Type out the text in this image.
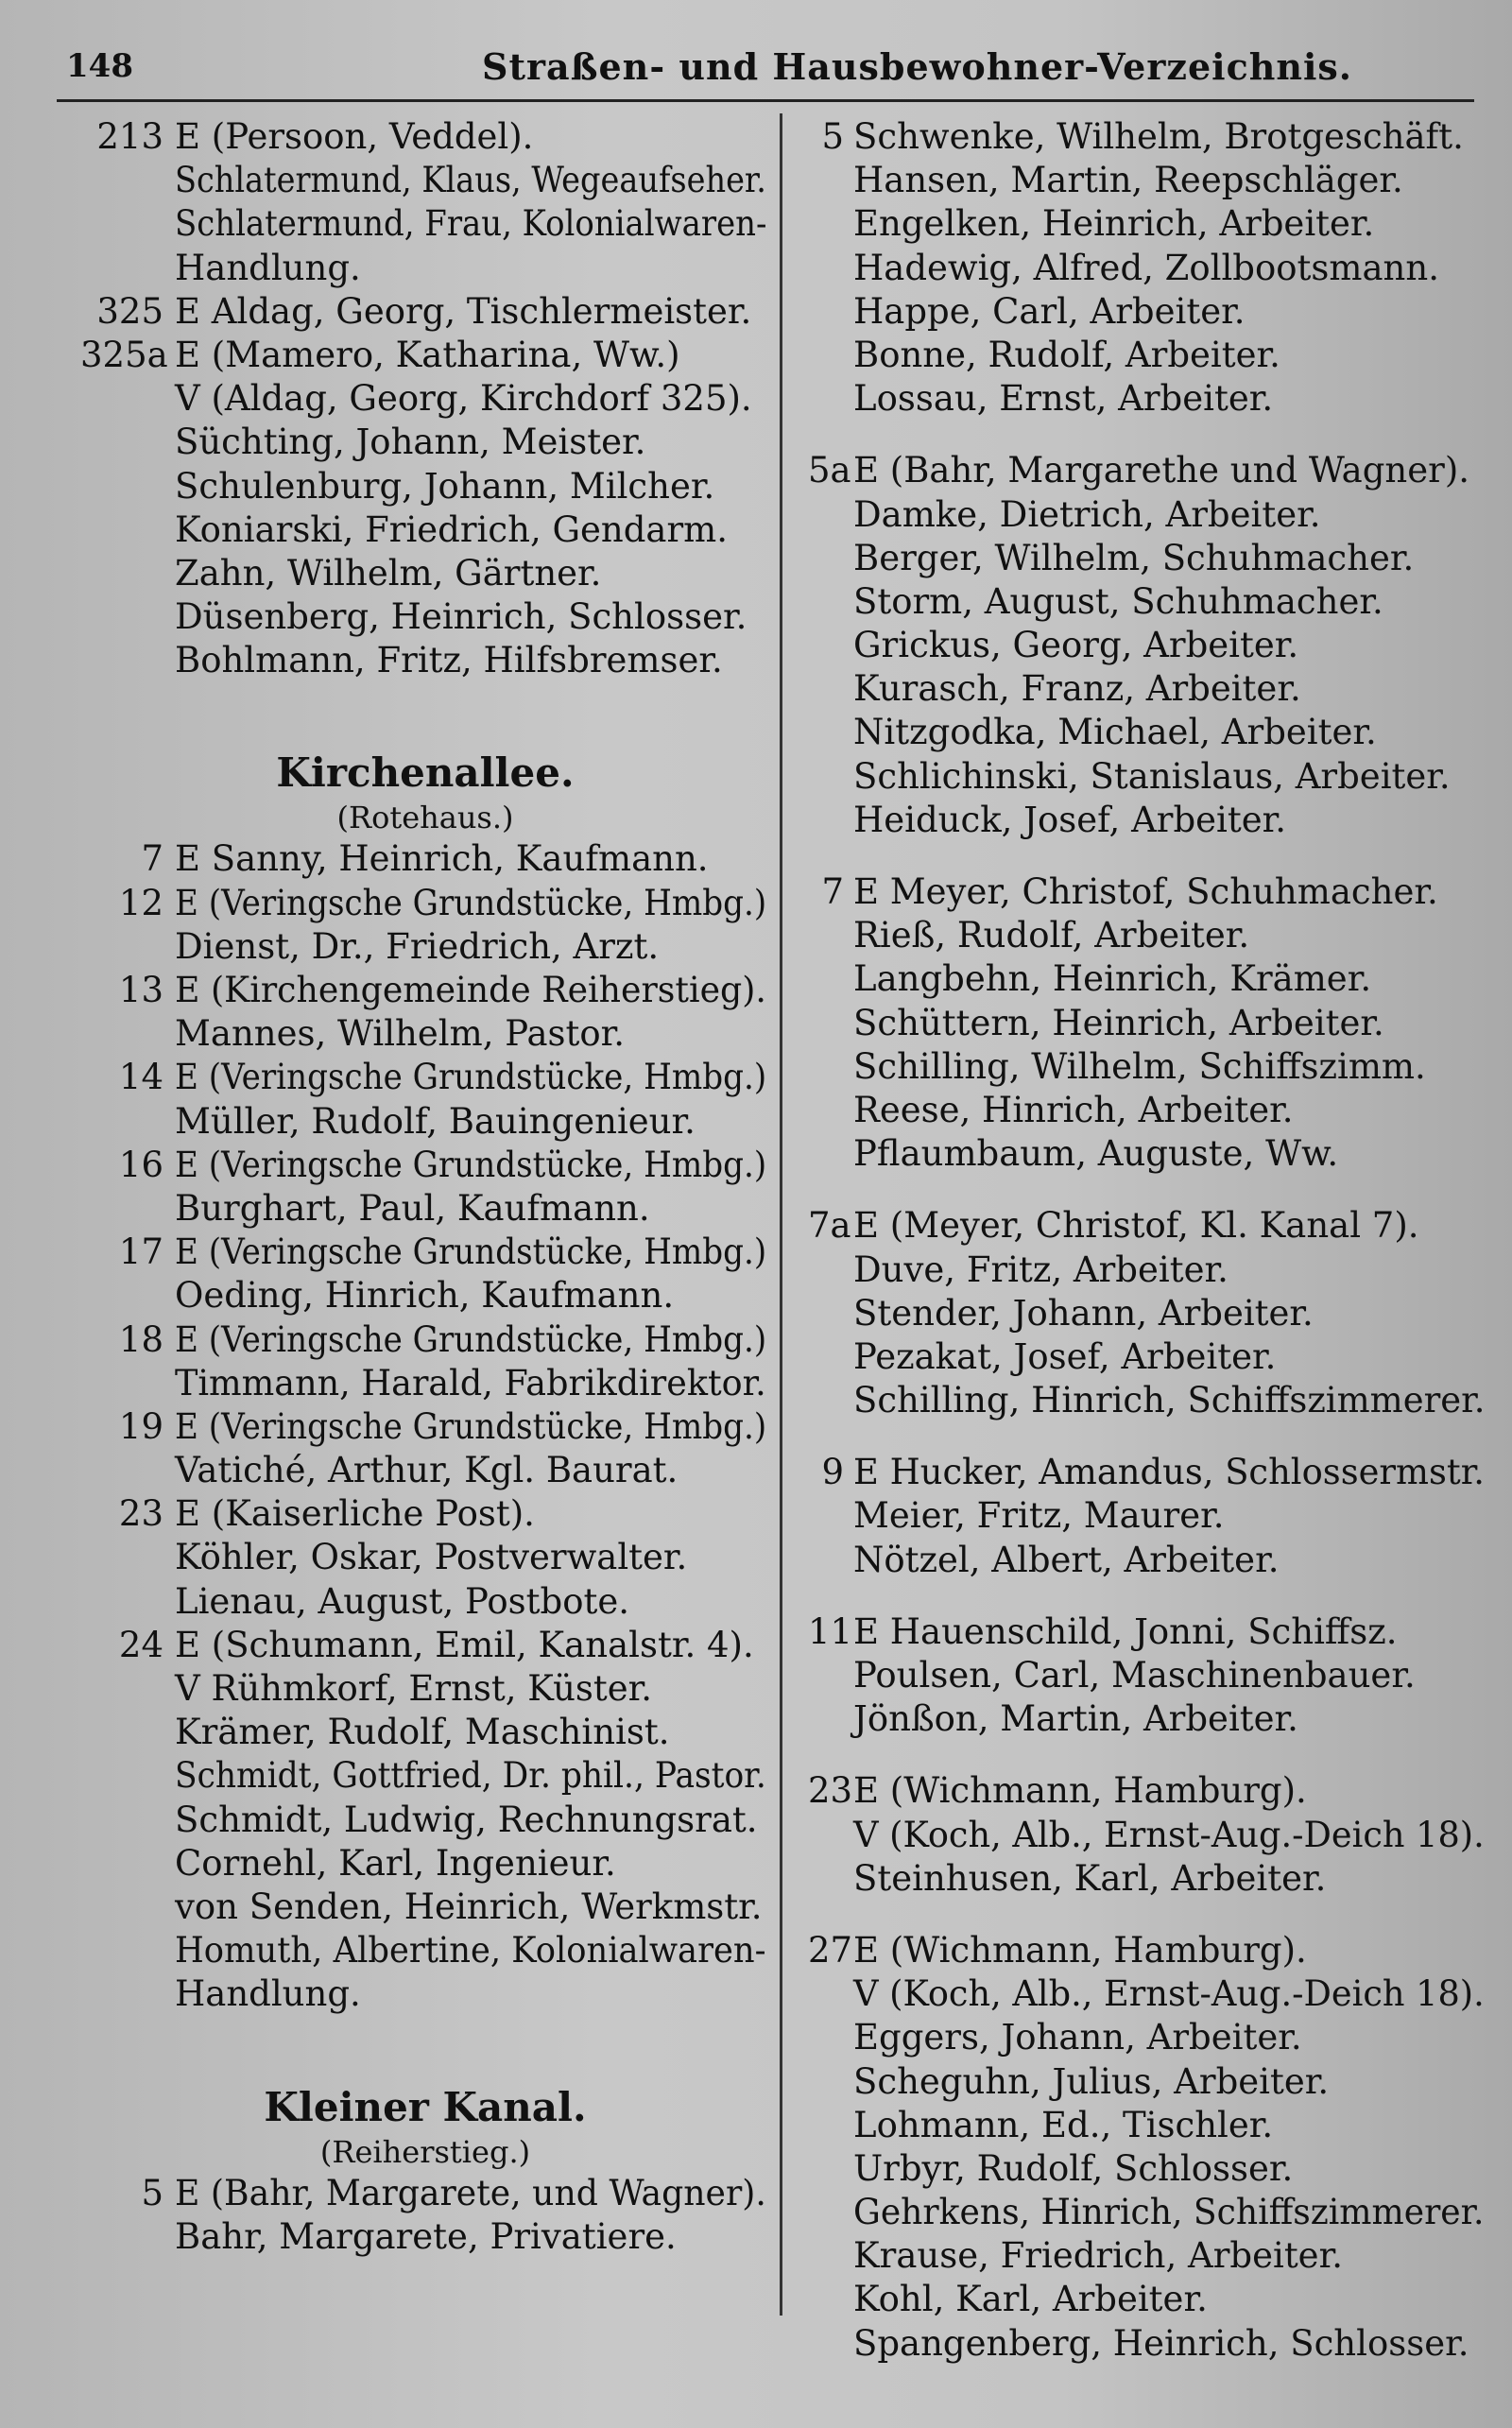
148	Straßen- und Hausbewohner-Verzeichnis.
213 E (Persoon, Veddel).
Schlatermund, Klaus, Wegeaufseher.
Schlatermund, Frau, Kolonialwaren-
Handlung.
325 E Aldag, Georg, Tischlermeister.
325a E (Mamero, Katharina, Ww.)
V (Aldag, Georg, Kirchdorf 325).
Süchting, Johann, Meister.
Schulenburg, Johann, Milcher.
Koniarski, Friedrich, Gendarm.
Zahn, Wilhelm, Gärtner.
Düsenberg, Heinrich, Schlosser.
Bohlmann, Fritz, Hilfsbremser.
Kirchenallee.
(Rotehaus.)
7 E Sanny, Heinrich, Kaufmann.
12 E (Veringsche Grundstücke, Hmbg.)
Dienst, Dr., Friedrich, Arzt.
13 E (Kirchengemeinde Reiherstieg).
Mannes, Wilhelm, Pastor.
14 E (Veringsche Grundstücke, Hmbg.)
Müller, Rudolf, Bauingenieur.
16 E (Veringsche Grundstücke, Hmbg.)
Burghart, Paul, Kaufmann.
17 E (Veringsche Grundstücke, Hmbg.)
Oeding, Hinrich, Kaufmann.
18 E (Veringsche Grundstücke, Hmbg.)
Timmann, Harald, Fabrikdirektor.
19 E (Veringsche Grundstücke, Hmbg.)
Vatiché, Arthur, Kgl. Baurat.
23 E (Kaiserliche Post).
Köhler, Oskar, Postverwalter.
Lienau, August, Postbote.
24 E (Schumann, Emil, Kanalstr. 4).
V Rühmkorf, Ernst, Küster.
Krämer, Rudolf, Maschinist.
Schmidt, Gottfried, Dr. phil., Pastor.
Schmidt, Ludwig, Rechnungsrat.
Cornehl, Karl, Ingenieur.
von Senden, Heinrich, Werkmstr.
Homuth, Albertine, Kolonialwaren-
Handlung.
Kleiner Kanal.
(Reiherstieg.)
5 E (Bahr, Margarete, und Wagner).
Bahr, Margarete, Privatiere.
5 Schwenke, Wilhelm, Brotgeschäft.
Hansen, Martin, Reepschläger.
Engelken, Heinrich, Arbeiter.
Hadewig, Alfred, Zollbootsmann.
Happe, Carl, Arbeiter.
Bonne, Rudolf, Arbeiter.
Lossau, Ernst, Arbeiter.
5a E (Bahr, Margarethe und Wagner).
Damke, Dietrich, Arbeiter.
Berger, Wilhelm, Schuhmacher.
Storm, August, Schuhmacher.
Grickus, Georg, Arbeiter.
Kurasch, Franz, Arbeiter.
Nitzgodka, Michael, Arbeiter.
Schlichinski, Stanislaus, Arbeiter.
Heiduck, Josef, Arbeiter.
7 E Meyer, Christof, Schuhmacher.
Rieß, Rudolf, Arbeiter.
Langbehn, Heinrich, Krämer.
Schüttern, Heinrich, Arbeiter.
Schilling, Wilhelm, Schiffszimm.
Reese, Hinrich, Arbeiter.
Pflaumbaum, Auguste, Ww.
7a E (Meyer, Christof, Kl. Kanal 7).
Duve, Fritz, Arbeiter.
Stender, Johann, Arbeiter.
Pezakat, Josef, Arbeiter.
Schilling, Hinrich, Schiffszimmerer.
9 E Hucker, Amandus, Schlossermstr.
Meier, Fritz, Maurer.
Nötzel, Albert, Arbeiter.
11 E Hauenschild, Jonni, Schiffsz.
Poulsen, Carl, Maschinenbauer.
Jönßon, Martin, Arbeiter.
23 E (Wichmann, Hamburg).
V (Koch, Alb., Ernst-Aug.-Deich 18).
Steinhusen, Karl, Arbeiter.
27 E (Wichmann, Hamburg).
V (Koch, Alb., Ernst-Aug.-Deich 18).
Eggers, Johann, Arbeiter.
Scheguhn, Julius, Arbeiter.
Lohmann, Ed., Tischler.
Urbyr, Rudolf, Schlosser.
Gehrkens, Hinrich, Schiffszimmerer.
Krause, Friedrich, Arbeiter.
Kohl, Karl, Arbeiter.
Spangenberg, Heinrich, Schlosser.
